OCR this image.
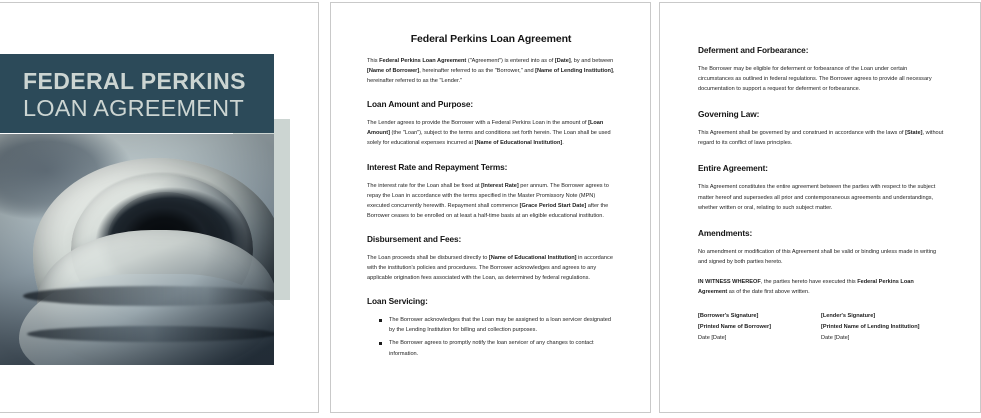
FEDERAL PERKINS
LOAN AGREEMENT
Federal Perkins Loan Agreement

This Federal Perkins Loan Agreement ("Agreement") is entered into as of [Date], by and between [Name of Borrower], hereinafter referred to as the "Borrower," and [Name of Lending Institution], hereinafter referred to as the "Lender."

Loan Amount and Purpose:

The Lender agrees to provide the Borrower with a Federal Perkins Loan in the amount of [Loan Amount] (the "Loan"), subject to the terms and conditions set forth herein. The Loan shall be used solely for educational expenses incurred at [Name of Educational Institution].

Interest Rate and Repayment Terms:

The interest rate for the Loan shall be fixed at [Interest Rate] per annum. The Borrower agrees to repay the Loan in accordance with the terms specified in the Master Promissory Note (MPN) executed concurrently herewith. Repayment shall commence [Grace Period Start Date] after the Borrower ceases to be enrolled on at least a half-time basis at an eligible educational institution.

Disbursement and Fees:

The Loan proceeds shall be disbursed directly to [Name of Educational Institution] in accordance with the institution's policies and procedures. The Borrower acknowledges and agrees to any applicable origination fees associated with the Loan, as determined by federal regulations.

Loan Servicing:
The Borrower acknowledges that the Loan may be assigned to a loan servicer designated by the Lending Institution for billing and collection purposes.
The Borrower agrees to promptly notify the loan servicer of any changes to contact information.
Deferment and Forbearance:

The Borrower may be eligible for deferment or forbearance of the Loan under certain circumstances as outlined in federal regulations. The Borrower agrees to provide all necessary documentation to support a request for deferment or forbearance.

Governing Law:

This Agreement shall be governed by and construed in accordance with the laws of [State], without regard to its conflict of laws principles.

Entire Agreement:

This Agreement constitutes the entire agreement between the parties with respect to the subject matter hereof and supersedes all prior and contemporaneous agreements and understandings, whether written or oral, relating to such subject matter.

Amendments:

No amendment or modification of this Agreement shall be valid or binding unless made in writing and signed by both parties hereto.

IN WITNESS WHEREOF, the parties hereto have executed this Federal Perkins Loan Agreement as of the date first above written.

[Borrower's Signature]
[Printed Name of Borrower]
Date [Date]
[Lender's Signature]
[Printed Name of Lending Institution]
Date [Date]
